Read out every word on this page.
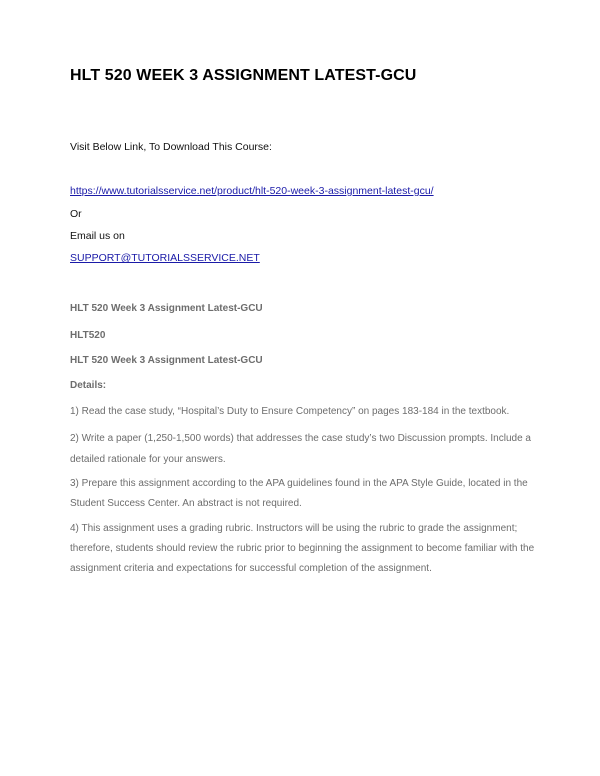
HLT 520 WEEK 3 ASSIGNMENT LATEST-GCU
Visit Below Link, To Download This Course:
https://www.tutorialsservice.net/product/hlt-520-week-3-assignment-latest-gcu/
Or
Email us on
SUPPORT@TUTORIALSSERVICE.NET
HLT 520 Week 3 Assignment Latest-GCU
HLT520
HLT 520 Week 3 Assignment Latest-GCU
Details:
1) Read the case study, “Hospital’s Duty to Ensure Competency” on pages 183-184 in the textbook.
2) Write a paper (1,250-1,500 words) that addresses the case study’s two Discussion prompts. Include a
detailed rationale for your answers.
3) Prepare this assignment according to the APA guidelines found in the APA Style Guide, located in the
Student Success Center. An abstract is not required.
4) This assignment uses a grading rubric. Instructors will be using the rubric to grade the assignment;
therefore, students should review the rubric prior to beginning the assignment to become familiar with the
assignment criteria and expectations for successful completion of the assignment.
